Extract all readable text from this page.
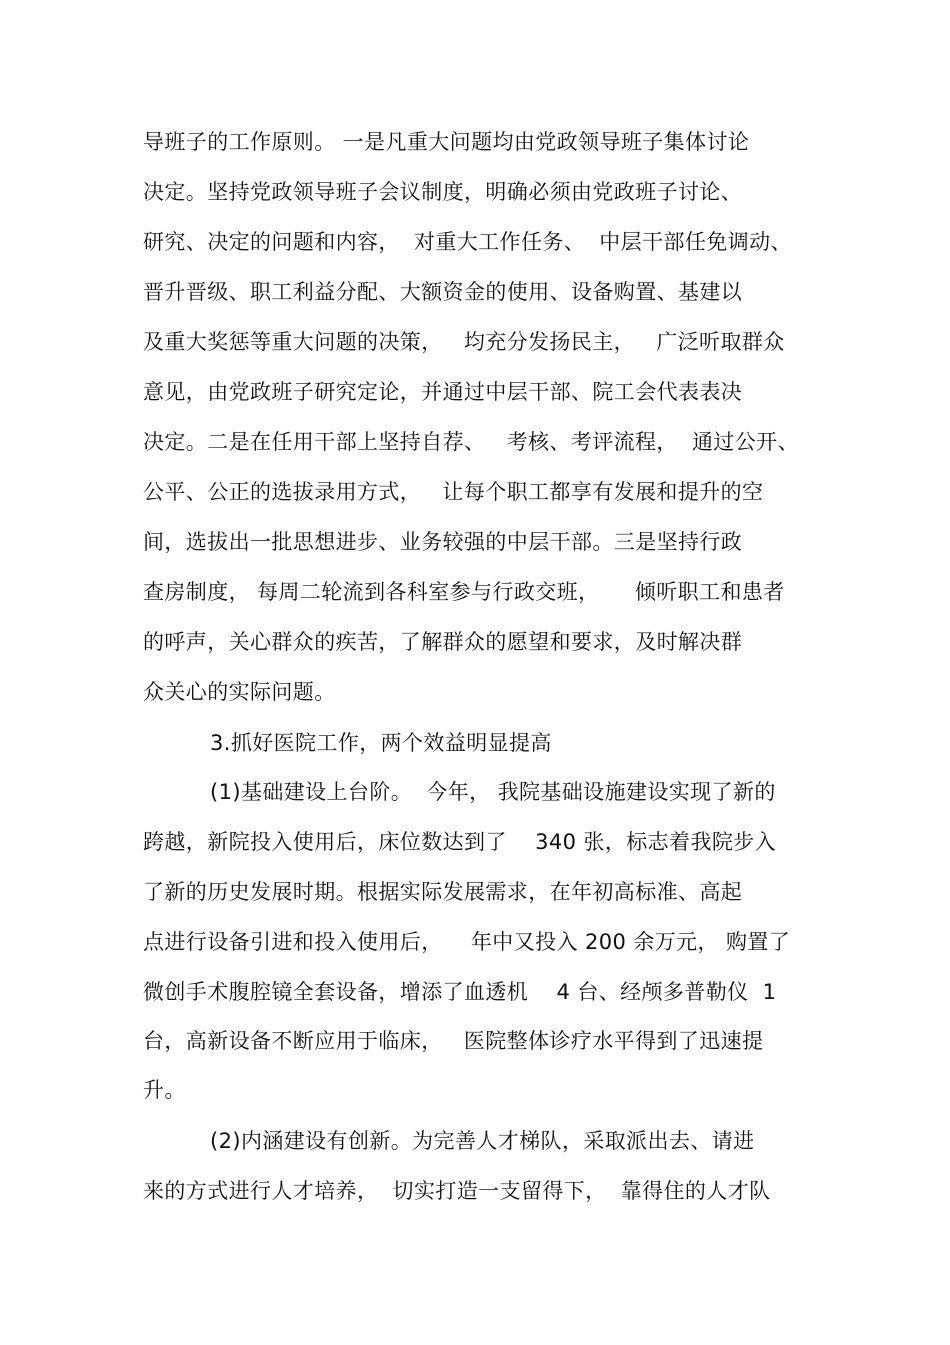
导班子的工作原则。 一是凡重大问题均由党政领导班子集体讨论
决定。坚持党政领导班子会议制度，明确必须由党政班子讨论、
研究、决定的问题和内容，  对重大工作任务、  中层干部任免调动、
晋升晋级、职工利益分配、大额资金的使用、设备购置、基建以
及重大奖惩等重大问题的决策，   均充分发扬民主，   广泛听取群众
意见，由党政班子研究定论，并通过中层干部、院工会代表表决
决定。二是在任用干部上坚持自荐、   考核、考评流程，  通过公开、
公平、公正的选拔录用方式，   让每个职工都享有发展和提升的空
间，选拔出一批思想进步、业务较强的中层干部。三是坚持行政
查房制度， 每周二轮流到各科室参与行政交班，     倾听职工和患者
的呼声，关心群众的疾苦，了解群众的愿望和要求，及时解决群
众关心的实际问题。
3.抓好医院工作，两个效益明显提高
(1)基础建设上台阶。  今年， 我院基础设施建设实现了新的
跨越，新院投入使用后，床位数达到了    340 张，标志着我院步入
了新的历史发展时期。根据实际发展需求，在年初高标准、高起
点进行设备引进和投入使用后，    年中又投入 200 余万元， 购置了
微创手术腹腔镜全套设备，增添了血透机    4 台、经颅多普勒仪  1
台，高新设备不断应用于临床，   医院整体诊疗水平得到了迅速提
升。
(2)内涵建设有创新。为完善人才梯队，采取派出去、请进
来的方式进行人才培养，  切实打造一支留得下，  靠得住的人才队
